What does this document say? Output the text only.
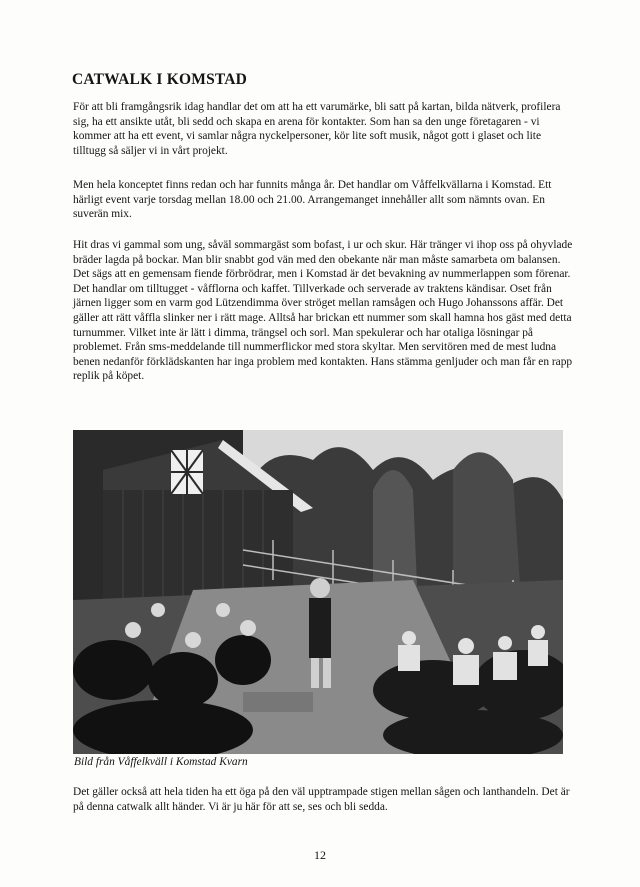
CATWALK I KOMSTAD

För att bli framgångsrik idag handlar det om att ha ett varumärke, bli satt på kartan, bilda nätverk, profilera sig, ha ett ansikte utåt, bli sedd och skapa en arena för kontakter. Som han sa den unge företagaren - vi kommer att ha ett event, vi samlar några nyckelpersoner, kör lite soft musik, något gott i glaset och lite tilltugg så säljer vi in vårt projekt.

Men hela konceptet finns redan och har funnits många år. Det handlar om Våffelkvällarna i Komstad. Ett härligt event varje torsdag mellan 18.00 och 21.00. Arrangemanget innehåller allt som nämnts ovan. En suverän mix.

Hit dras vi gammal som ung, såväl sommargäst som bofast, i ur och skur. Här tränger vi ihop oss på ohyvlade bräder lagda på bockar. Man blir snabbt god vän med den obekante när man måste samarbeta om balansen. Det sägs att en gemensam fiende förbrödrar, men i Komstad är det bevakning av nummerlappen som förenar. Det handlar om tilltugget - våfflorna och kaffet. Tillverkade och serverade av traktens kändisar. Oset från järnen ligger som en varm god Lützendimma över ströget mellan ramsågen och Hugo Johanssons affär. Det gäller att rätt våffla slinker ner i rätt mage. Alltså har brickan ett nummer som skall hamna hos gäst med detta turnummer. Vilket inte är lätt i dimma, trängsel och sorl. Man spekulerar och har otaliga lösningar på problemet. Från sms-meddelande till nummerflickor med stora skyltar. Men servitören med de mest ludna benen nedanför förklädskanten har inga problem med kontakten. Hans stämma genljuder och man får en rapp replik på köpet.

Bild från Våffelkväll i Komstad Kvarn

Det gäller också att hela tiden ha ett öga på den väl upptrampade stigen mellan sågen och lanthandeln. Det är på denna catwalk allt händer. Vi är ju här för att se, ses och bli sedda.

12
